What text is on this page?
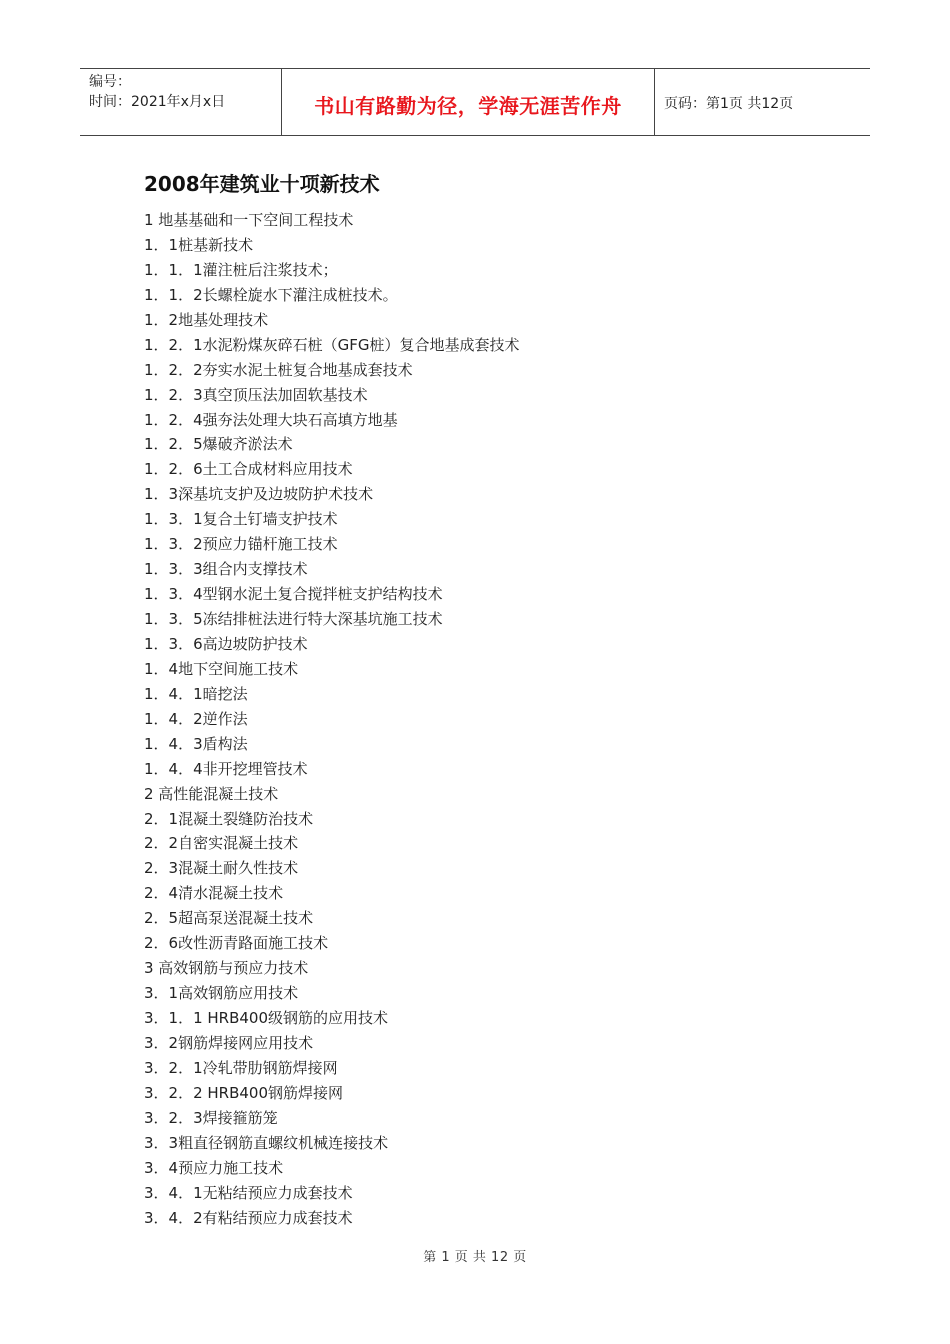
编号：
时间：2021年x月x日	书山有路勤为径，学海无涯苦作舟	页码：第1页 共12页
2008年建筑业十项新技术
1 地基基础和一下空间工程技术
1．1桩基新技术
1．1．1灌注桩后注浆技术；
1．1．2长螺栓旋水下灌注成桩技术。
1．2地基处理技术
1．2．1水泥粉煤灰碎石桩（GFG桩）复合地基成套技术
1．2．2夯实水泥土桩复合地基成套技术
1．2．3真空顶压法加固软基技术
1．2．4强夯法处理大块石高填方地基
1．2．5爆破齐淤法术
1．2．6土工合成材料应用技术
1．3深基坑支护及边坡防护术技术
1．3．1复合土钉墙支护技术
1．3．2预应力锚杆施工技术
1．3．3组合内支撑技术
1．3．4型钢水泥土复合搅拌桩支护结构技术
1．3．5冻结排桩法进行特大深基坑施工技术
1．3．6高边坡防护技术
1．4地下空间施工技术
1．4．1暗挖法
1．4．2逆作法
1．4．3盾构法
1．4．4非开挖埋管技术
2 高性能混凝土技术
2．1混凝土裂缝防治技术
2．2自密实混凝土技术
2．3混凝土耐久性技术
2．4清水混凝土技术
2．5超高泵送混凝土技术
2．6改性沥青路面施工技术
3 高效钢筋与预应力技术
3．1高效钢筋应用技术
3．1．1 HRB400级钢筋的应用技术
3．2钢筋焊接网应用技术
3．2．1冷轧带肋钢筋焊接网
3．2．2 HRB400钢筋焊接网
3．2．3焊接箍筋笼
3．3粗直径钢筋直螺纹机械连接技术
3．4预应力施工技术
3．4．1无粘结预应力成套技术
3．4．2有粘结预应力成套技术
第 1 页 共 12 页
